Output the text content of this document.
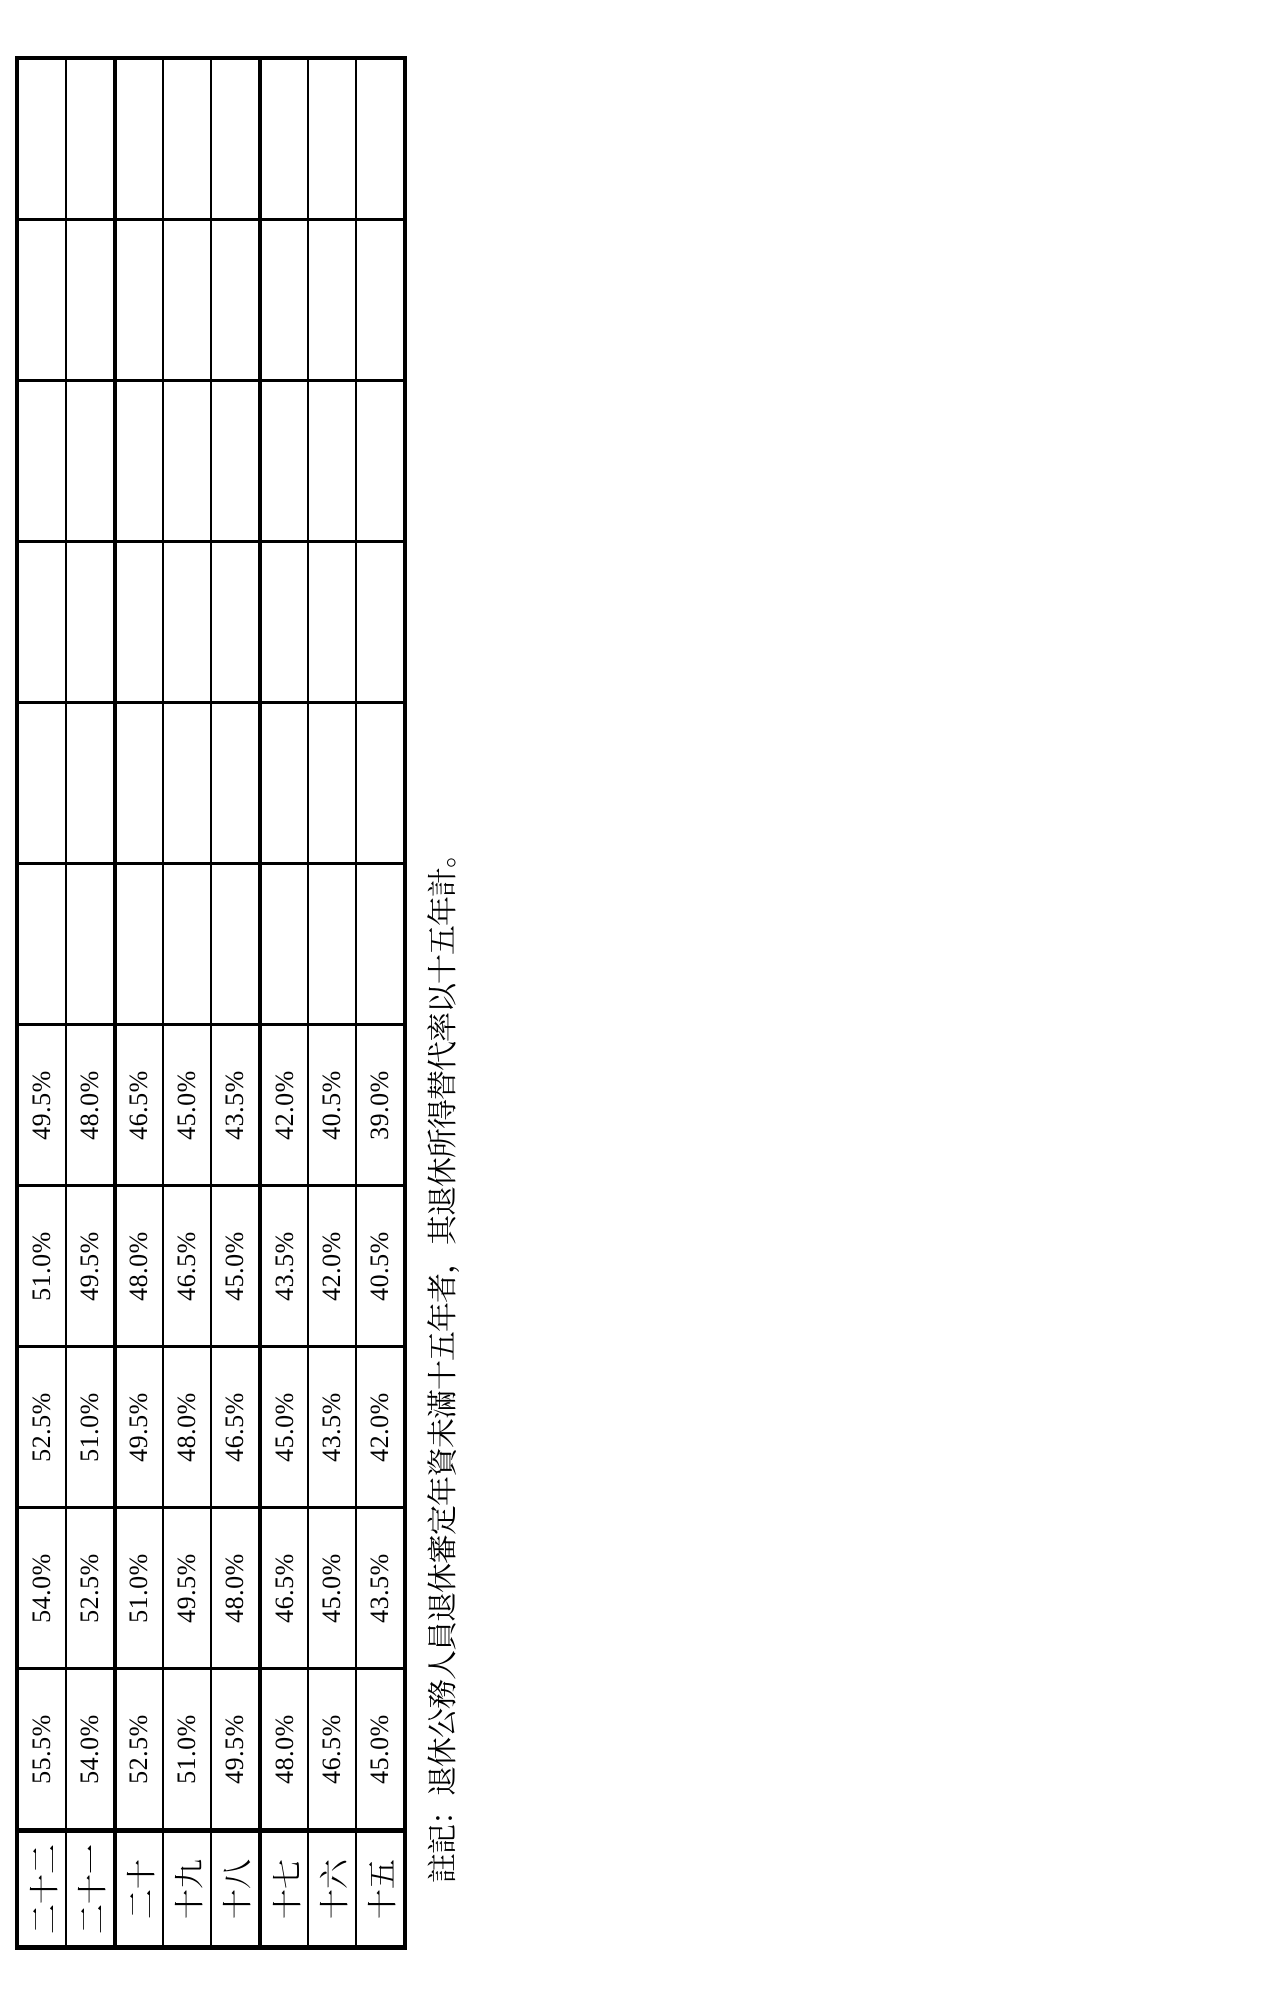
二十二	55.5%	54.0%	52.5%	51.0%	49.5%						
二十一	54.0%	52.5%	51.0%	49.5%	48.0%						
二十	52.5%	51.0%	49.5%	48.0%	46.5%						
十九	51.0%	49.5%	48.0%	46.5%	45.0%						
十八	49.5%	48.0%	46.5%	45.0%	43.5%						
十七	48.0%	46.5%	45.0%	43.5%	42.0%						
十六	46.5%	45.0%	43.5%	42.0%	40.5%						
十五	45.0%	43.5%	42.0%	40.5%	39.0%							註記：退休公務人員退休審定年資未滿十五年者，其退休所得替代率以十五年計。
